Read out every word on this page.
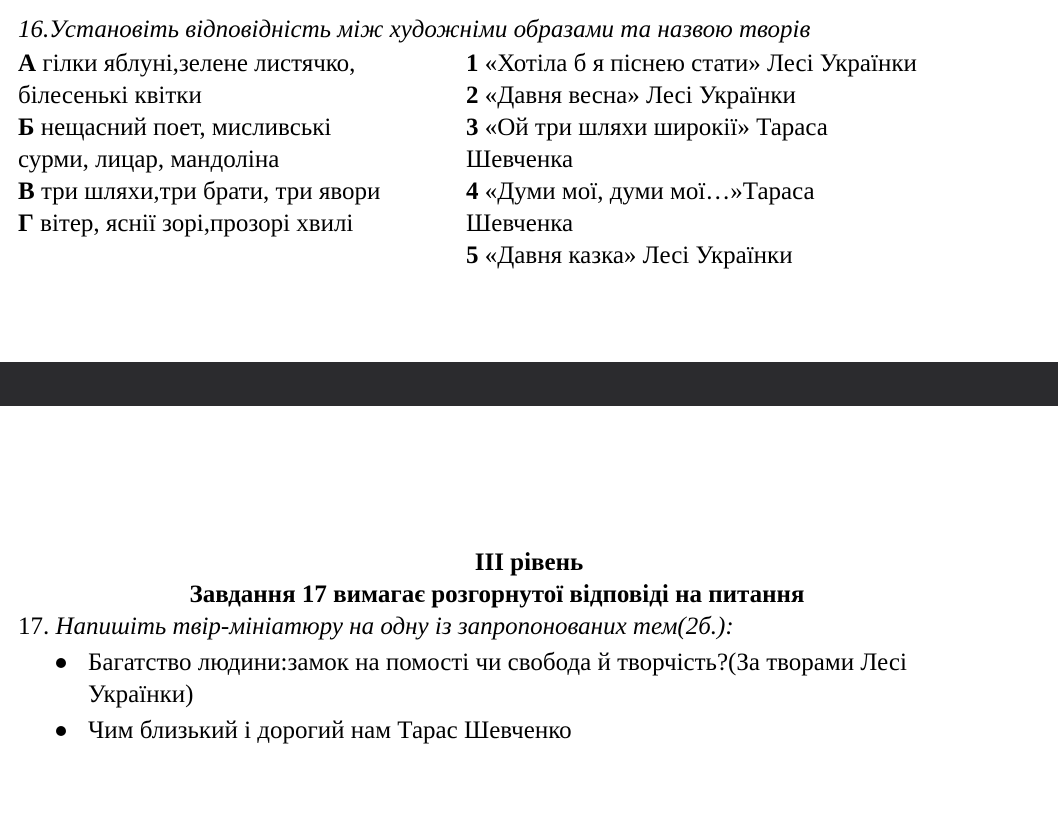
16.Установіть відповідність між художніми образами та назвою творів
А гілки яблуні,зелене листячко,
білесенькі квітки
Б нещасний поет, мисливські
сурми, лицар, мандоліна
В три шляхи,три брати, три явори
Г вітер, яснії зорі,прозорі хвилі
1 «Хотіла б я піснею стати» Лесі Українки
2 «Давня весна» Лесі Українки
3 «Ой три шляхи широкії» Тараса
Шевченка
4 «Думи мої, думи мої…»Тараса
Шевченка
5 «Давня казка» Лесі Українки
ІІІ рівень
Завдання 17 вимагає розгорнутої відповіді на питання
17. Напишіть твір-мініатюру на одну із запропонованих тем(2б.):
Багатство людини:замок на помості чи свобода й творчість?(За творами Лесі Українки)
Чим близький і дорогий нам Тарас Шевченко
